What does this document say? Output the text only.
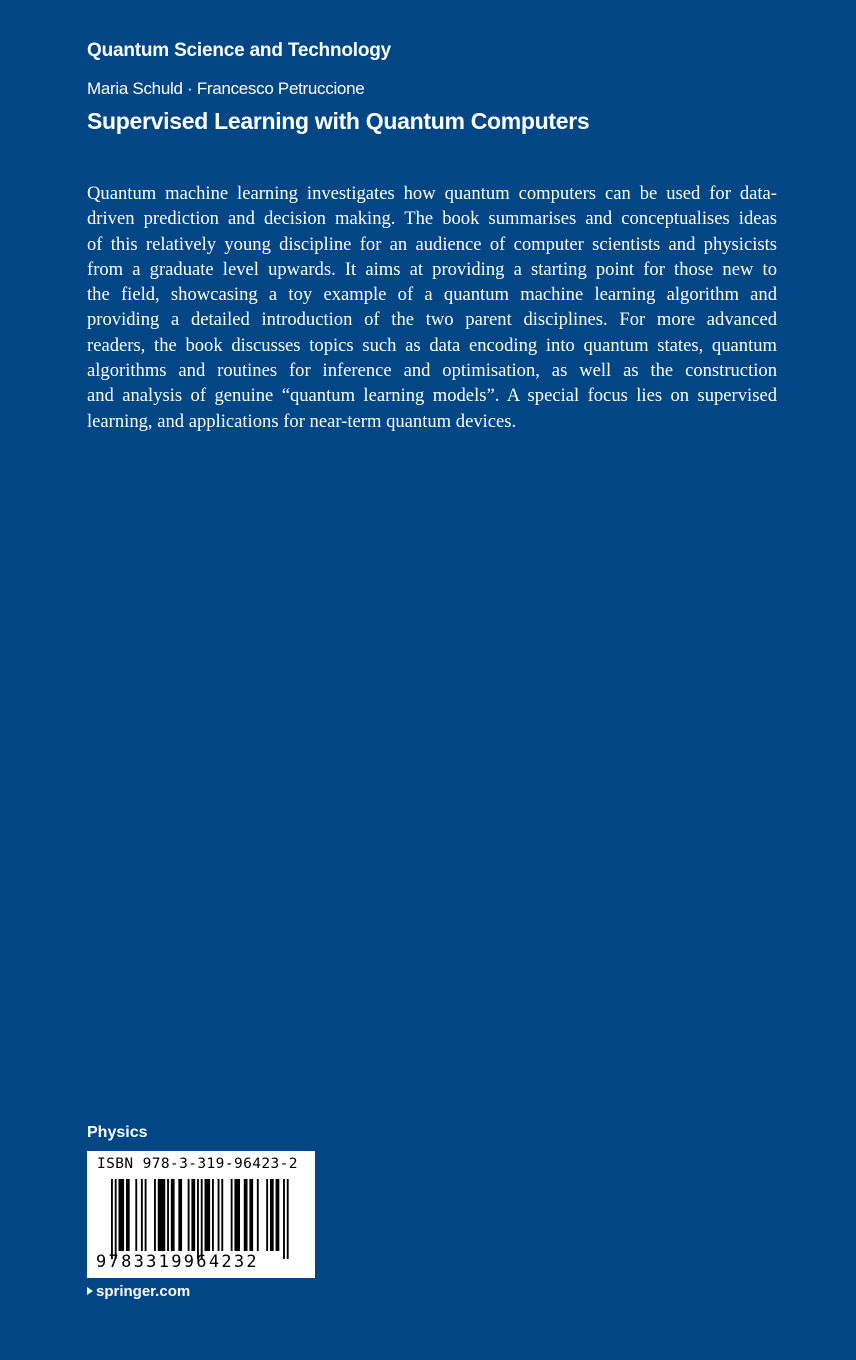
Quantum Science and Technology
Maria Schuld · Francesco Petruccione
Supervised Learning with Quantum Computers
Quantum machine learning investigates how quantum computers can be used for data-
driven prediction and decision making. The book summarises and conceptualises ideas
of this relatively young discipline for an audience of computer scientists and physicists
from a graduate level upwards. It aims at providing a starting point for those new to
the field, showcasing a toy example of a quantum machine learning algorithm and
providing a detailed introduction of the two parent disciplines. For more advanced
readers, the book discusses topics such as data encoding into quantum states, quantum
algorithms and routines for inference and optimisation, as well as the construction
and analysis of genuine “quantum learning models”. A special focus lies on supervised
learning, and applications for near-term quantum devices.
Physics
ISBN 978-3-319-96423-2
9783319964232
springer.com
